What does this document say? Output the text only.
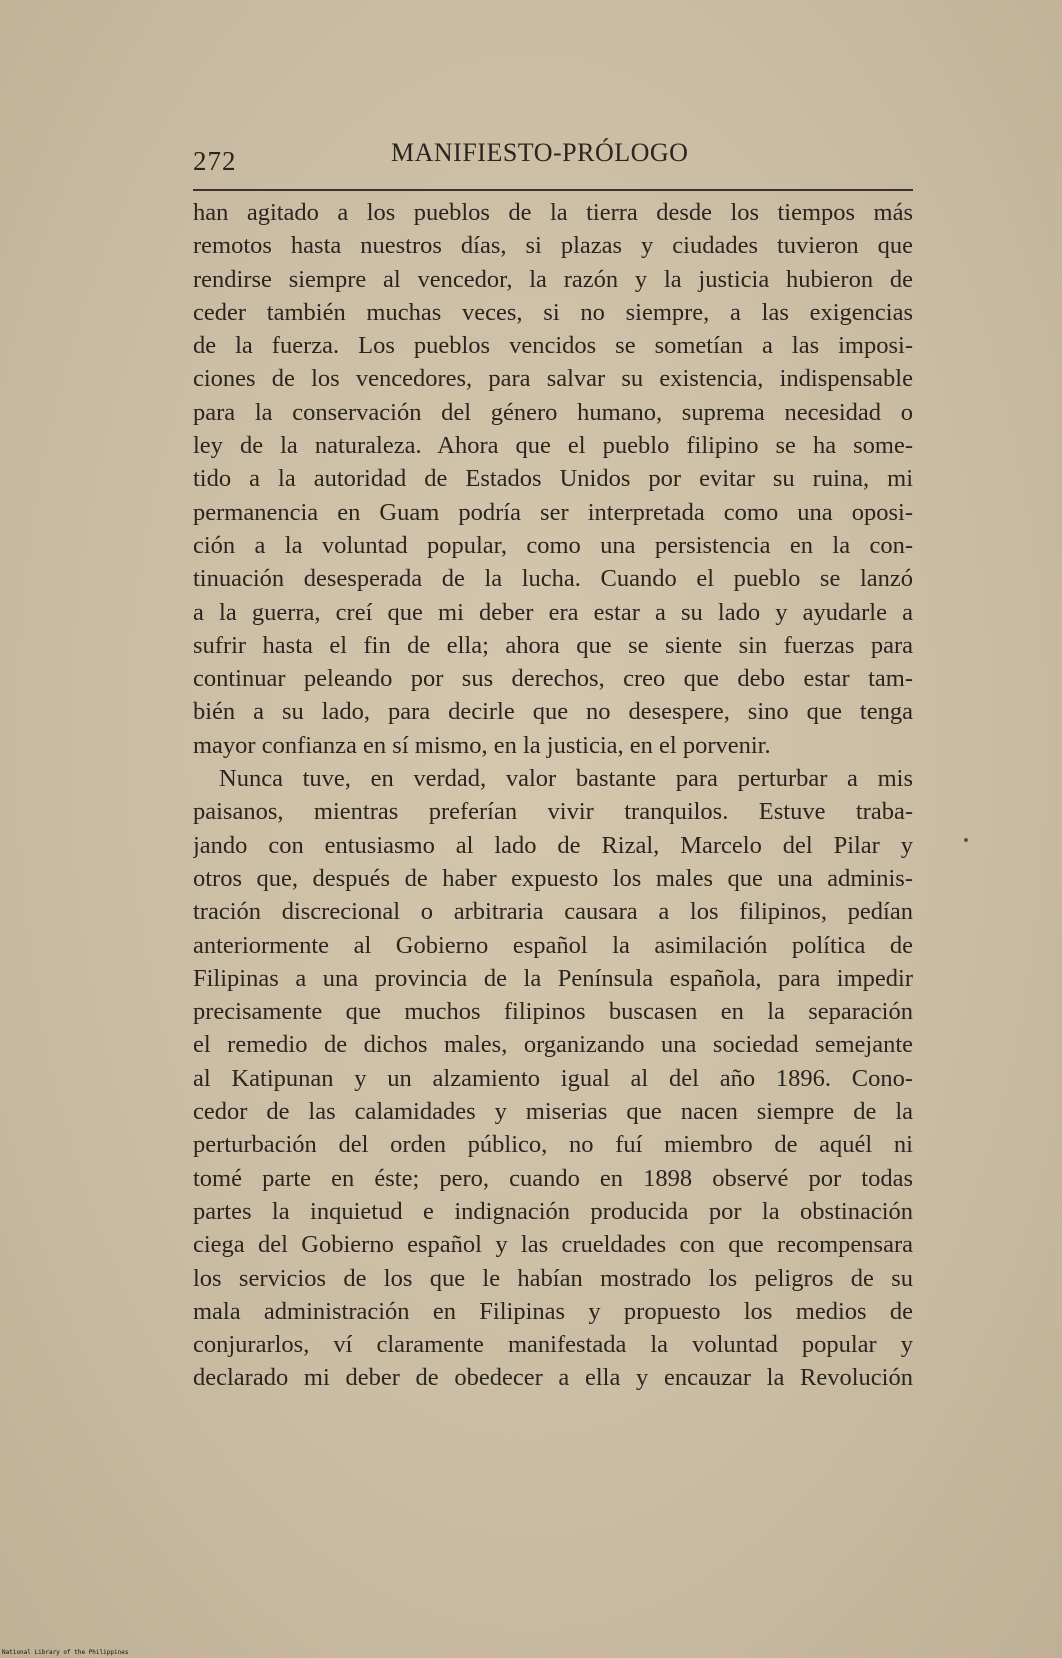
272	MANIFIESTO-PRÓLOGO
han agitado a los pueblos de la tierra desde los tiempos más
remotos hasta nuestros días, si plazas y ciudades tuvieron que
rendirse siempre al vencedor, la razón y la justicia hubieron de
ceder también muchas veces, si no siempre, a las exigencias
de la fuerza. Los pueblos vencidos se sometían a las imposi-
ciones de los vencedores, para salvar su existencia, indispensable
para la conservación del género humano, suprema necesidad o
ley de la naturaleza. Ahora que el pueblo filipino se ha some-
tido a la autoridad de Estados Unidos por evitar su ruina, mi
permanencia en Guam podría ser interpretada como una oposi-
ción a la voluntad popular, como una persistencia en la con-
tinuación desesperada de la lucha. Cuando el pueblo se lanzó
a la guerra, creí que mi deber era estar a su lado y ayudarle a
sufrir hasta el fin de ella; ahora que se siente sin fuerzas para
continuar peleando por sus derechos, creo que debo estar tam-
bién a su lado, para decirle que no desespere, sino que tenga
mayor confianza en sí mismo, en la justicia, en el porvenir.
Nunca tuve, en verdad, valor bastante para perturbar a mis
paisanos, mientras preferían vivir tranquilos. Estuve traba-
jando con entusiasmo al lado de Rizal, Marcelo del Pilar y
otros que, después de haber expuesto los males que una adminis-
tración discrecional o arbitraria causara a los filipinos, pedían
anteriormente al Gobierno español la asimilación política de
Filipinas a una provincia de la Península española, para impedir
precisamente que muchos filipinos buscasen en la separación
el remedio de dichos males, organizando una sociedad semejante
al Katipunan y un alzamiento igual al del año 1896. Cono-
cedor de las calamidades y miserias que nacen siempre de la
perturbación del orden público, no fuí miembro de aquél ni
tomé parte en éste; pero, cuando en 1898 observé por todas
partes la inquietud e indignación producida por la obstinación
ciega del Gobierno español y las crueldades con que recompensara
los servicios de los que le habían mostrado los peligros de su
mala administración en Filipinas y propuesto los medios de
conjurarlos, ví claramente manifestada la voluntad popular y
declarado mi deber de obedecer a ella y encauzar la Revolución
National Library of the Philippines
